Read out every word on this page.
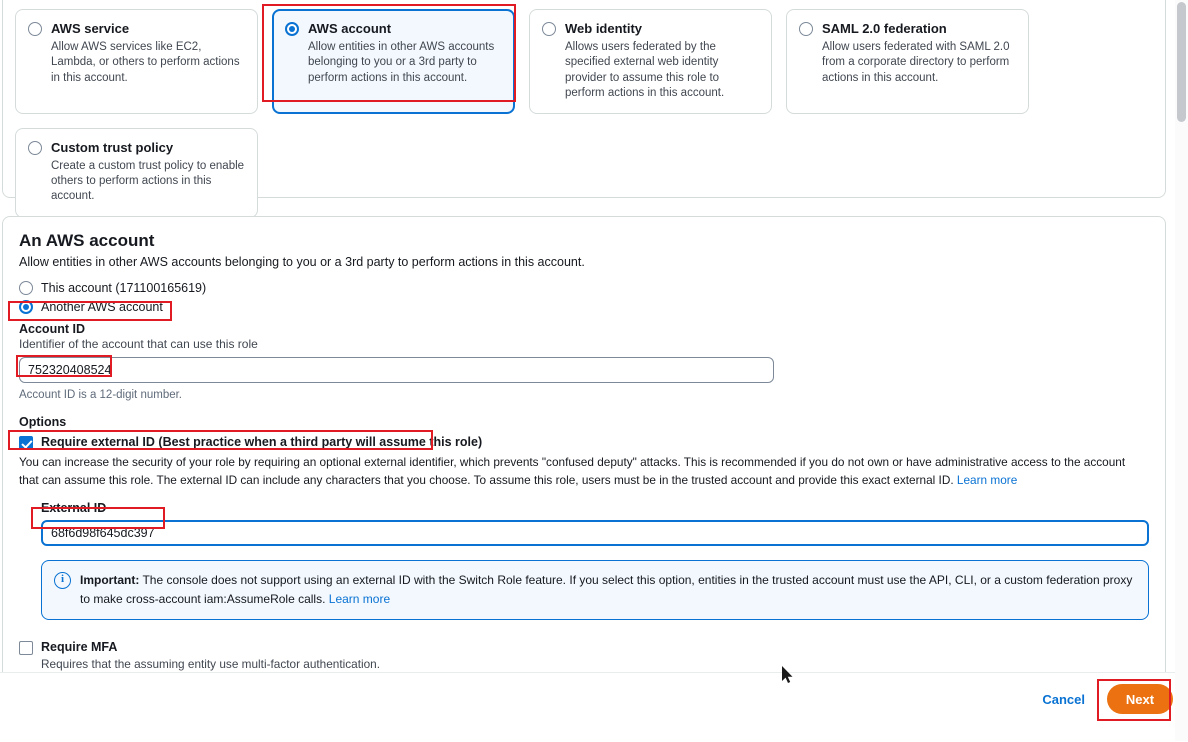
AWS service
Allow AWS services like EC2, Lambda, or others to perform actions in this account.
AWS account
Allow entities in other AWS accounts belonging to you or a 3rd party to perform actions in this account.
Web identity
Allows users federated by the specified external web identity provider to assume this role to perform actions in this account.
SAML 2.0 federation
Allow users federated with SAML 2.0 from a corporate directory to perform actions in this account.
Custom trust policy
Create a custom trust policy to enable others to perform actions in this account.
An AWS account
Allow entities in other AWS accounts belonging to you or a 3rd party to perform actions in this account.
This account (171100165619)
Another AWS account
Account ID
Identifier of the account that can use this role
752320408524
Account ID is a 12-digit number.
Options
Require external ID (Best practice when a third party will assume this role)
You can increase the security of your role by requiring an optional external identifier, which prevents "confused deputy" attacks. This is recommended if you do not own or have administrative access to the account that can assume this role. The external ID can include any characters that you choose. To assume this role, users must be in the trusted account and provide this exact external ID. Learn more
External ID
68f6d98f645dc397
i	Important: The console does not support using an external ID with the Switch Role feature. If you select this option, entities in the trusted account must use the API, CLI, or a custom federation proxy to make cross-account iam:AssumeRole calls. Learn more
Require MFA
Requires that the assuming entity use multi-factor authentication.
Cancel	Next
